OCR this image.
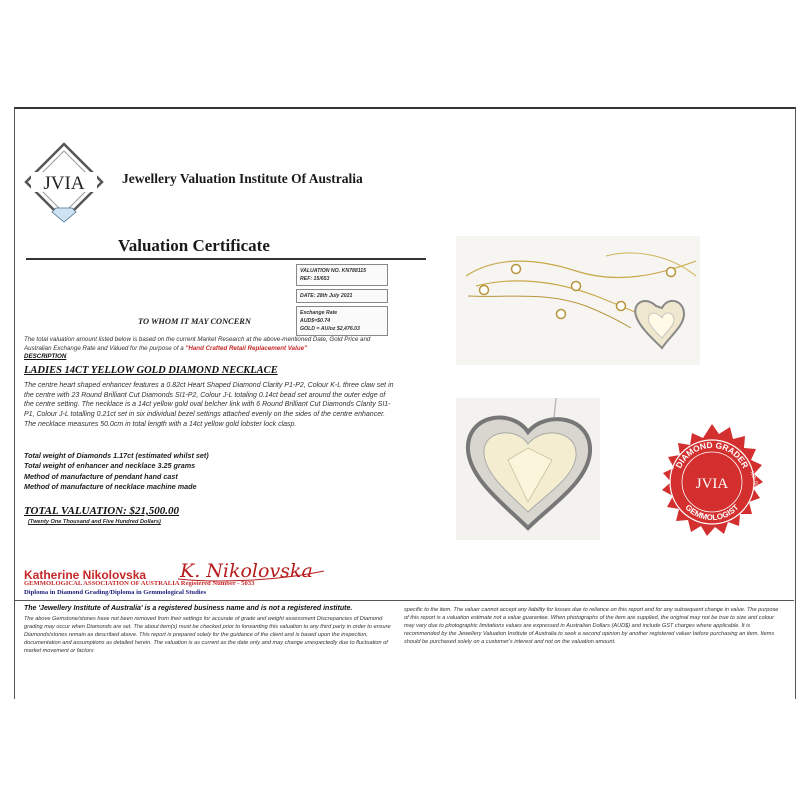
JVIA	Jewellery Valuation Institute Of Australia
Valuation Certificate
VALUATION NO. KN788115
REF: 15/653
DATE: 28th July 2021
Exchange Rate
AUD$=$0.74
GOLD = AU/oz $2,476.03
TO WHOM IT MAY CONCERN
The total valuation amount listed below is based on the current Market Research at the above-mentioned Date, Gold Price and Australian Exchange Rate and Valued for the purpose of a "Hand Crafted Retail Replacement Value"
DESCRIPTION
LADIES 14CT YELLOW GOLD DIAMOND NECKLACE
The centre heart shaped enhancer features a 0.82ct Heart Shaped Diamond Clarity P1-P2, Colour K-L three claw set in the centre with 23 Round Brilliant Cut Diamonds SI1-P2, Colour J-L totaling 0.14ct bead set around the outer edge of the centre setting. The necklace is a 14ct yellow gold oval belcher link with 6 Round Brilliant Cut Diamonds Clarity SI1-P1, Colour J-L totalling 0.21ct set in six individual bezel settings attached evenly on the sides of the centre enhancer.
The necklace measures 50.0cm in total length with a 14ct yellow gold lobster lock clasp.
Total weight of Diamonds 1.17ct (estimated whilst set)
Total weight of enhancer and necklace 3.25 grams
Method of manufacture of pendant hand cast
Method of manufacture of necklace machine made
TOTAL VALUATION: $21,500.00
(Twenty One Thousand and Five Hundred Dollars)
DIAMOND GRADER
GEMMOLOGIST
JVIA	NO: 5033
Katherine Nikolovska K. Nikolovska
GEMMOLOGICAL ASSOCIATION OF AUSTRALIA Registered Number - 5033
Diploma in Diamond Grading/Diploma in Gemmological Studies
The 'Jewellery Institute of Australia' is a registered business name and is not a registered institute.
The above Gemstone/stones have not been removed from their settings for accurate of grade and weight assessment Discrepancies of Diamond grading may occur when Diamonds are set. The about item(s) must be checked prior to forwarding this valuation to any third party in order to ensure Diamonds/stones remain as described above. This report is prepared solely for the guidance of the client and is based upon the inspection, documentation and assumptions as detailed herein. The valuation is as current as the date only and may change unexpectedly due to fluctuation of market movement or factors
specific to the item. The valuer cannot accept any liability for losses due to reliance on this report and for any subsequent change in value. The purpose of this report is a valuation estimate not a value guarantee. When photographs of the item are supplied, the original may not be true to size and colour may vary due to photographic limitations values are expressed in Australian Dollars (AUD$) and include GST charges where applicable. It is recommended by the Jewellery Valuation Institute of Australia to seek a second opinion by another registered valuer before purchasing an item. Items should be purchased solely on a customer's interest and not on the valuation amount.
